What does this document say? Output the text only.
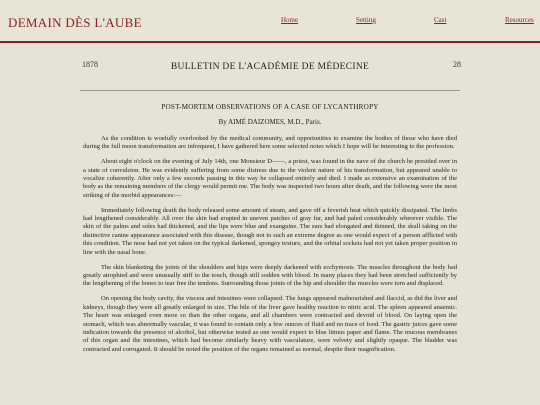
DEMAIN DÈS L'AUBE	Home	Setting	Cast	Resources
1878	BULLETIN DE L'ACADÉMIE DE MÉDECINE	28
POST-MORTEM OBSERVATIONS OF A CASE OF LYCANTHROPY
By AIMÉ DAIZOMES, M.D., Paris.

As the condition is woefully overlooked by the medical community, and opportunities to examine the bodies of those who have died during the full moon transformation are infrequent, I have gathered here some selected notes which I hope will be interesting to the profession.

About eight o'clock on the evening of July 14th, one Monsieur D——, a priest, was found in the nave of the church he presided over in a state of convulsion. He was evidently suffering from some distress due to the violent nature of his transformation, but appeared unable to vocalize coherently. After only a few seconds passing in this way he collapsed entirely and died. I made as extensive an examination of the body as the remaining members of the clergy would permit me. The body was inspected two hours after death, and the following were the most striking of the morbid appearances:—

Immediately following death the body released some amount of steam, and gave off a feverish heat which quickly dissipated. The limbs had lengthened considerably. All over the skin had erupted in uneven patches of gray fur, and had paled considerably wherever visible. The skin of the palms and soles had thickened, and the lips were blue and exanguine. The ears had elongated and thinned, the skull taking on the distinctive canine appearance associated with this disease, though not to such an extreme degree as one would expect of a person afflicted with this condition. The nose had not yet taken on the typical darkened, spongey texture, and the orbital sockets had not yet taken proper position in line with the nasal bone.

The skin blanketing the joints of the shoulders and hips were deeply darkened with ecchymosis. The muscles throughout the body had greatly atrophied and were unusually stiff to the touch, though still sodden with blood. In many places they had been stretched sufficiently by the lengthening of the bones to tear free the tendons. Surrounding those joints of the hip and shoulder the muscles were torn and displaced.

On opening the body cavity, the viscera and intestines were collapsed. The lungs appeared malnourished and flaccid, as did the liver and kidneys, though they were all greatly enlarged in size. The bile of the liver gave healthy reaction to nitric acid. The spleen appeared anaemic. The heart was enlarged even more so than the other organs, and all chambers were contracted and devoid of blood. On laying open the stomach, which was abnormally vascular, it was found to contain only a few ounces of fluid and no trace of food. The gastric juices gave some indication towards the presence of alcohol, but otherwise tested as one would expect to blue litmus paper and flame. The mucous membranes of this organ and the intestines, which had become similarly heavy with vasculature, were velvety and slightly opaque. The bladder was contracted and corrugated. It should be noted the position of the organs remained as normal, despite their magnification.
